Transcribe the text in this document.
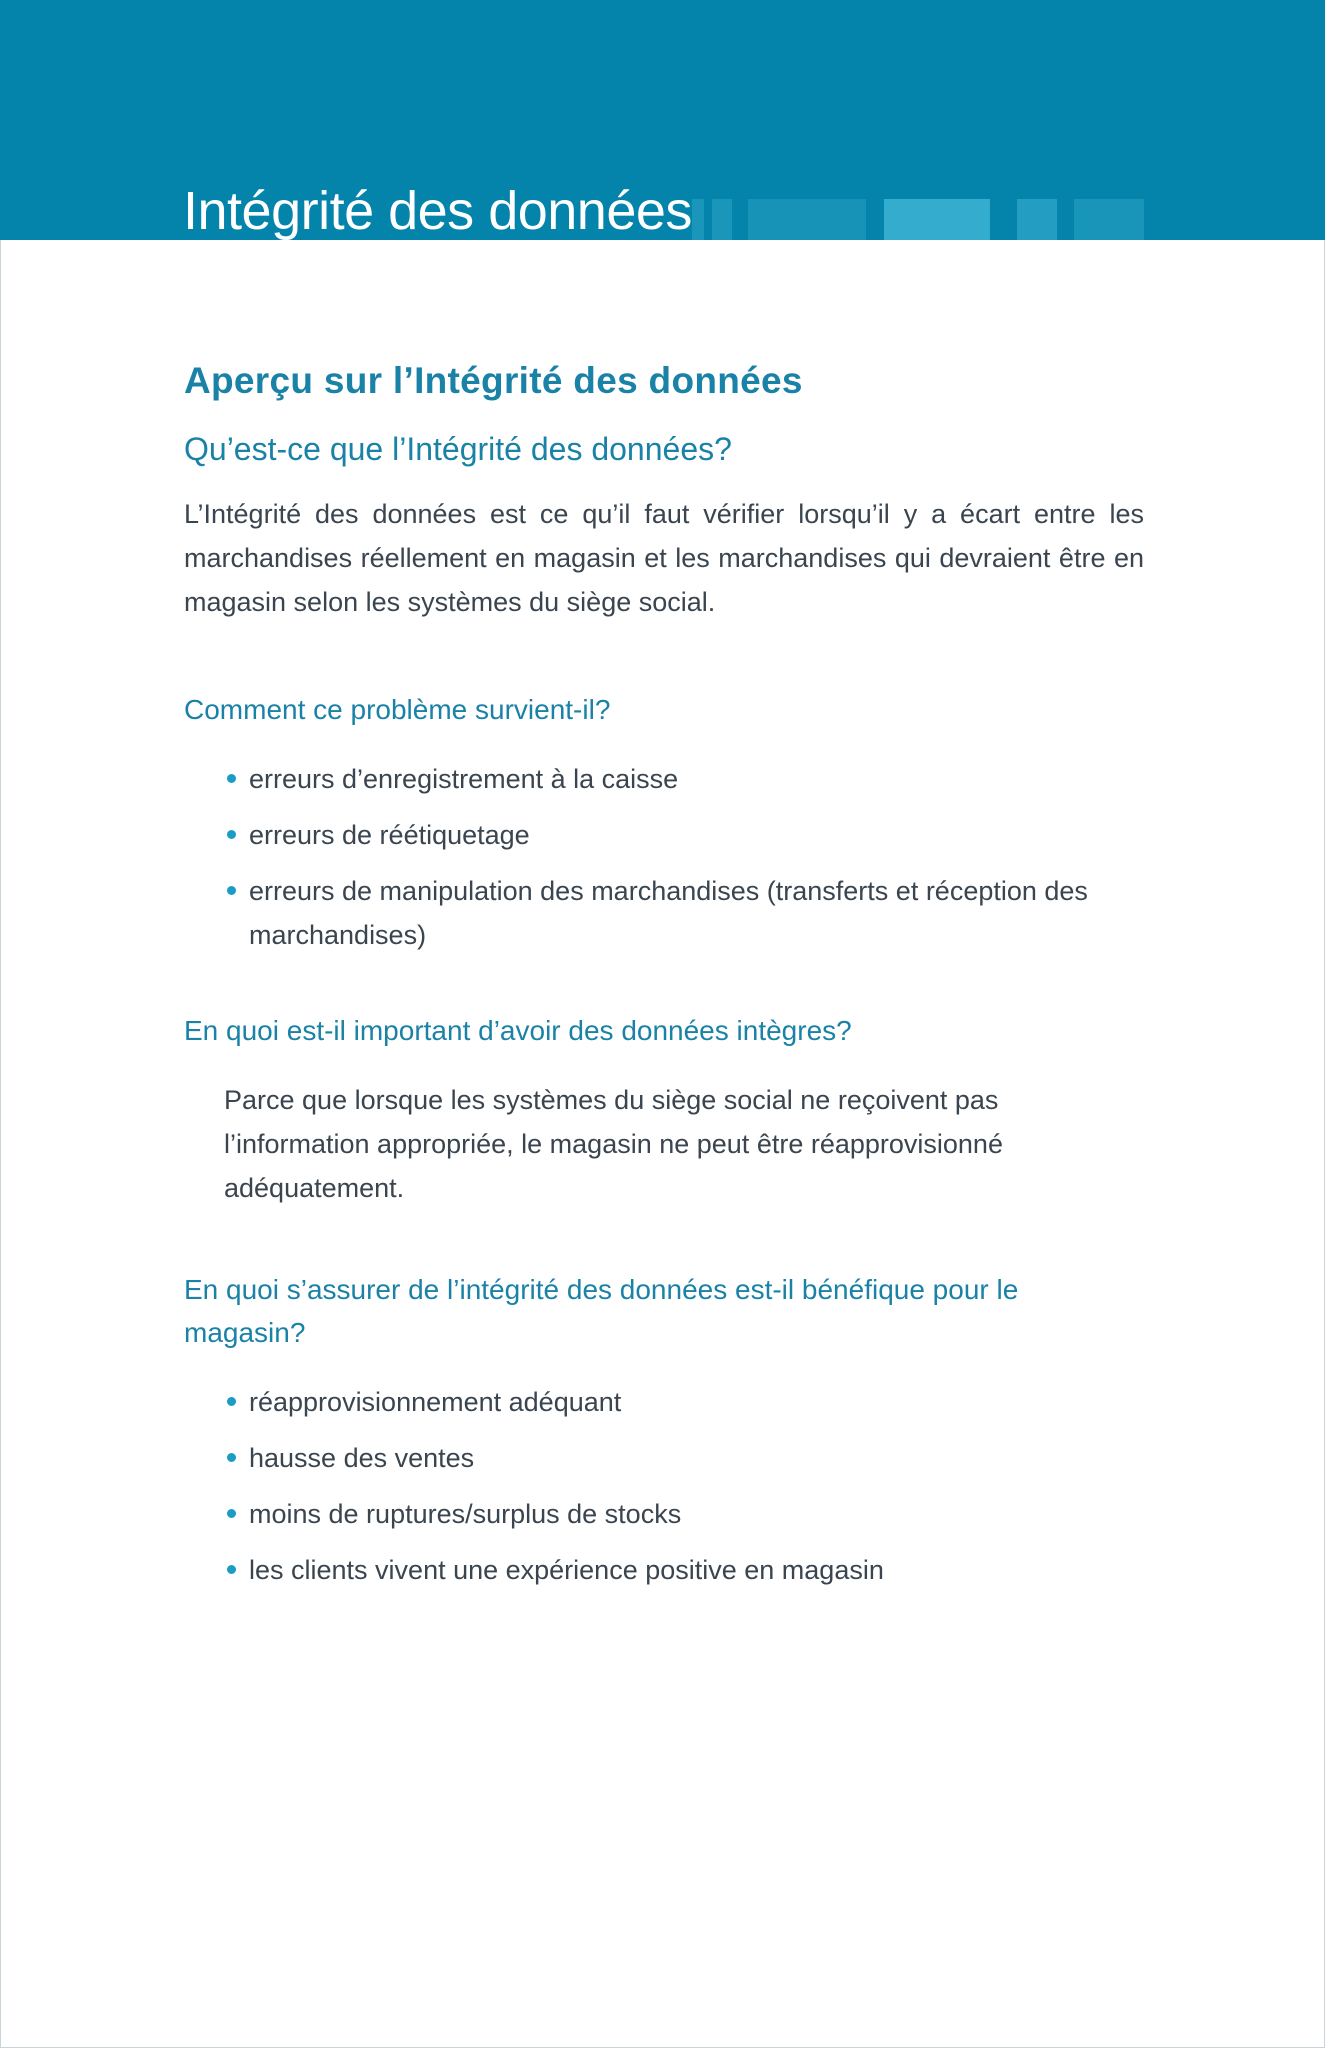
Intégrité des données
Aperçu sur l’Intégrité des données
Qu’est-ce que l’Intégrité des données?

L’Intégrité des données est ce qu’il faut vérifier lorsqu’il y a écart entre les marchandises réellement en magasin et les marchandises qui devraient être en magasin selon les systèmes du siège social.

Comment ce problème survient-il?
erreurs d’enregistrement à la caisse
erreurs de réétiquetage
erreurs de manipulation des marchandises (transferts et réception des marchandises)
En quoi est-il important d’avoir des données intègres?

Parce que lorsque les systèmes du siège social ne reçoivent pas l’information appropriée, le magasin ne peut être réapprovisionné adéquatement.

En quoi s’assurer de l’intégrité des données est-il bénéfique pour le magasin?
réapprovisionnement adéquant
hausse des ventes
moins de ruptures/surplus de stocks
les clients vivent une expérience positive en magasin
